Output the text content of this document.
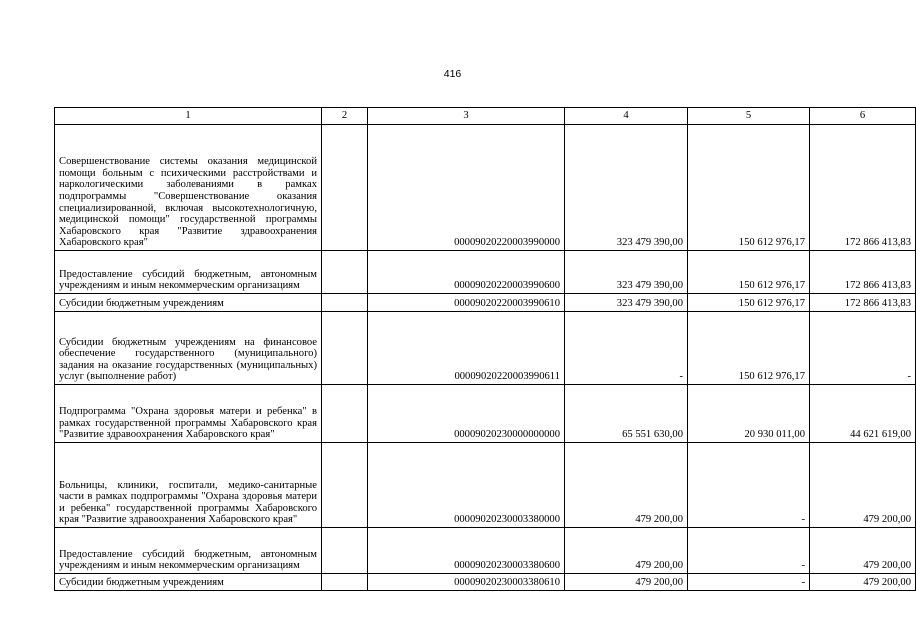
416
1	2	3	4	5	6
Совершенствование системы оказания медицинской помощи больным с психическими расстройствами и наркологическими заболеваниями в рамках подпрограммы "Совершенствование оказания специализированной, включая высокотехнологичную, медицинской помощи" государственной программы Хабаровского края "Развитие здравоохранения Хабаровского края"		00009020220003990000	323 479 390,00	150 612 976,17	172 866 413,83
Предоставление субсидий бюджетным, автономным учреждениям и иным некоммерческим организациям		00009020220003990600	323 479 390,00	150 612 976,17	172 866 413,83
Субсидии бюджетным учреждениям		00009020220003990610	323 479 390,00	150 612 976,17	172 866 413,83
Субсидии бюджетным учреждениям на финансовое обеспечение государственного (муниципального) задания на оказание государственных (муниципальных) услуг (выполнение работ)		00009020220003990611	-	150 612 976,17	-
Подпрограмма "Охрана здоровья матери и ребенка" в рамках государственной программы Хабаровского края "Развитие здравоохранения Хабаровского края"		00009020230000000000	65 551 630,00	20 930 011,00	44 621 619,00
Больницы, клиники, госпитали, медико-санитарные части в рамках подпрограммы "Охрана здоровья матери и ребенка" государственной программы Хабаровского края "Развитие здравоохранения Хабаровского края"		00009020230003380000	479 200,00	-	479 200,00
Предоставление субсидий бюджетным, автономным учреждениям и иным некоммерческим организациям		00009020230003380600	479 200,00	-	479 200,00
Субсидии бюджетным учреждениям		00009020230003380610	479 200,00	-	479 200,00
